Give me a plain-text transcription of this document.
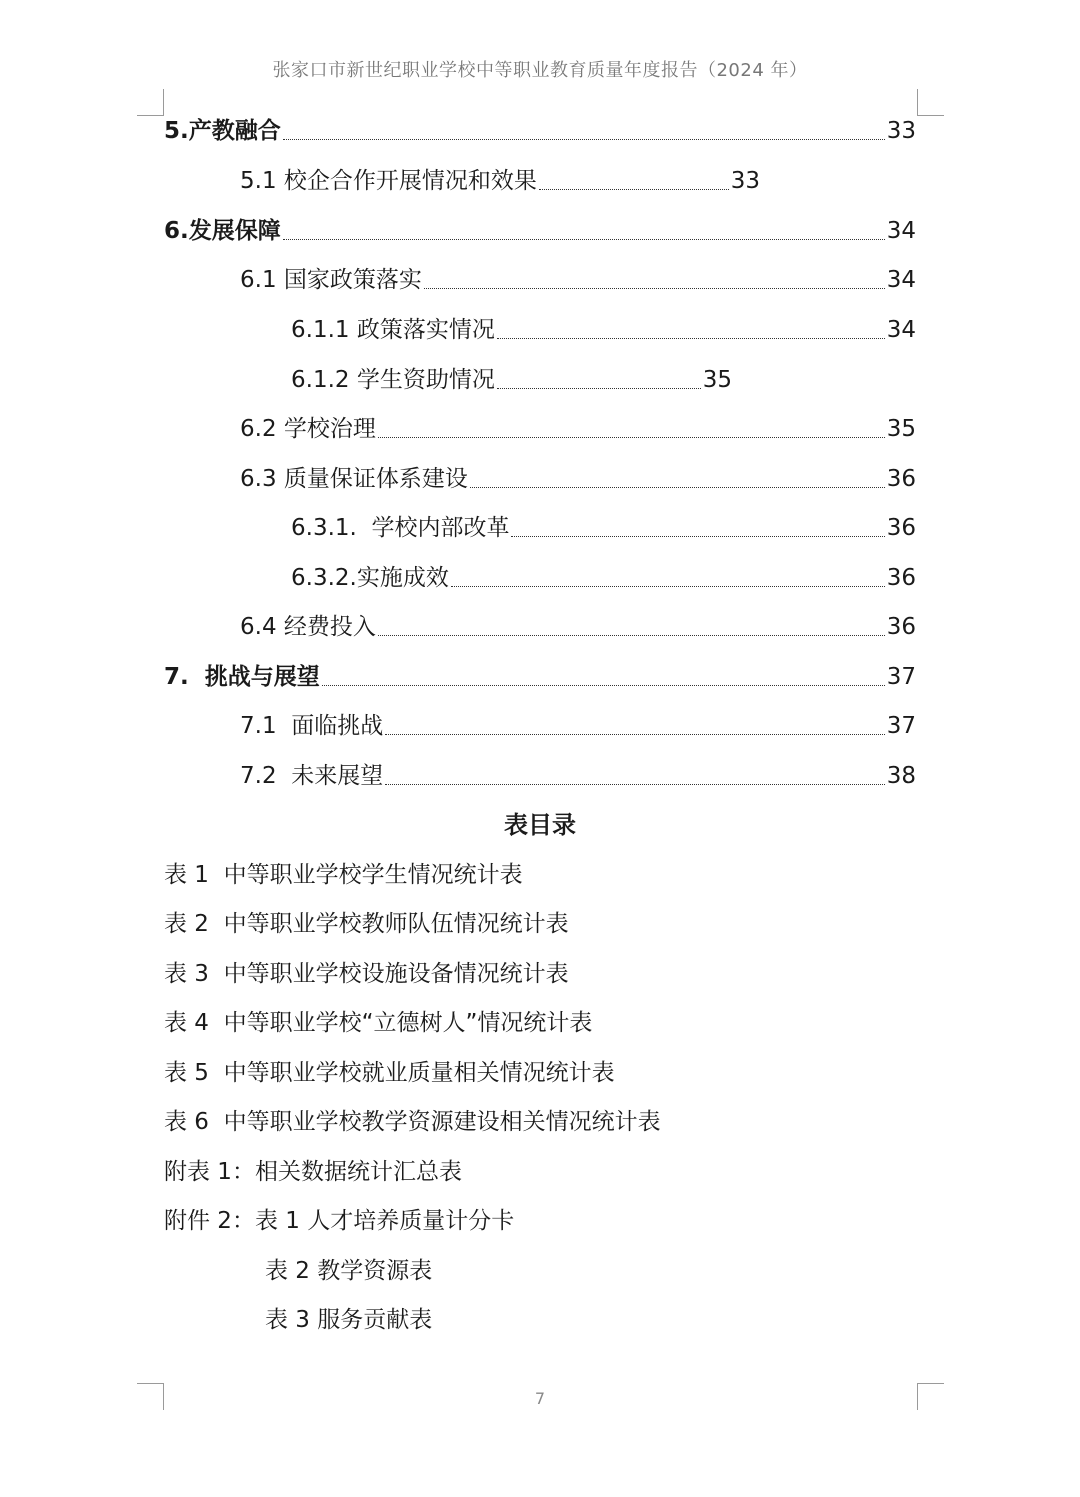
张家口市新世纪职业学校中等职业教育质量年度报告（2024 年）
5.产教融合	33
5.1 校企合作开展情况和效果	33
6.发展保障	34
6.1 国家政策落实	34
6.1.1 政策落实情况	34
6.1.2 学生资助情况	35
6.2 学校治理	35
6.3 质量保证体系建设	36
6.3.1.  学校内部改革	36
6.3.2.实施成效	36
6.4 经费投入	36
7.  挑战与展望	37
7.1  面临挑战	37
7.2  未来展望	38
表目录
表 1  中等职业学校学生情况统计表
表 2  中等职业学校教师队伍情况统计表
表 3  中等职业学校设施设备情况统计表
表 4  中等职业学校“立德树人”情况统计表
表 5  中等职业学校就业质量相关情况统计表
表 6  中等职业学校教学资源建设相关情况统计表
附表 1：相关数据统计汇总表
附件 2：表 1 人才培养质量计分卡
表 2 教学资源表
表 3 服务贡献表
7
